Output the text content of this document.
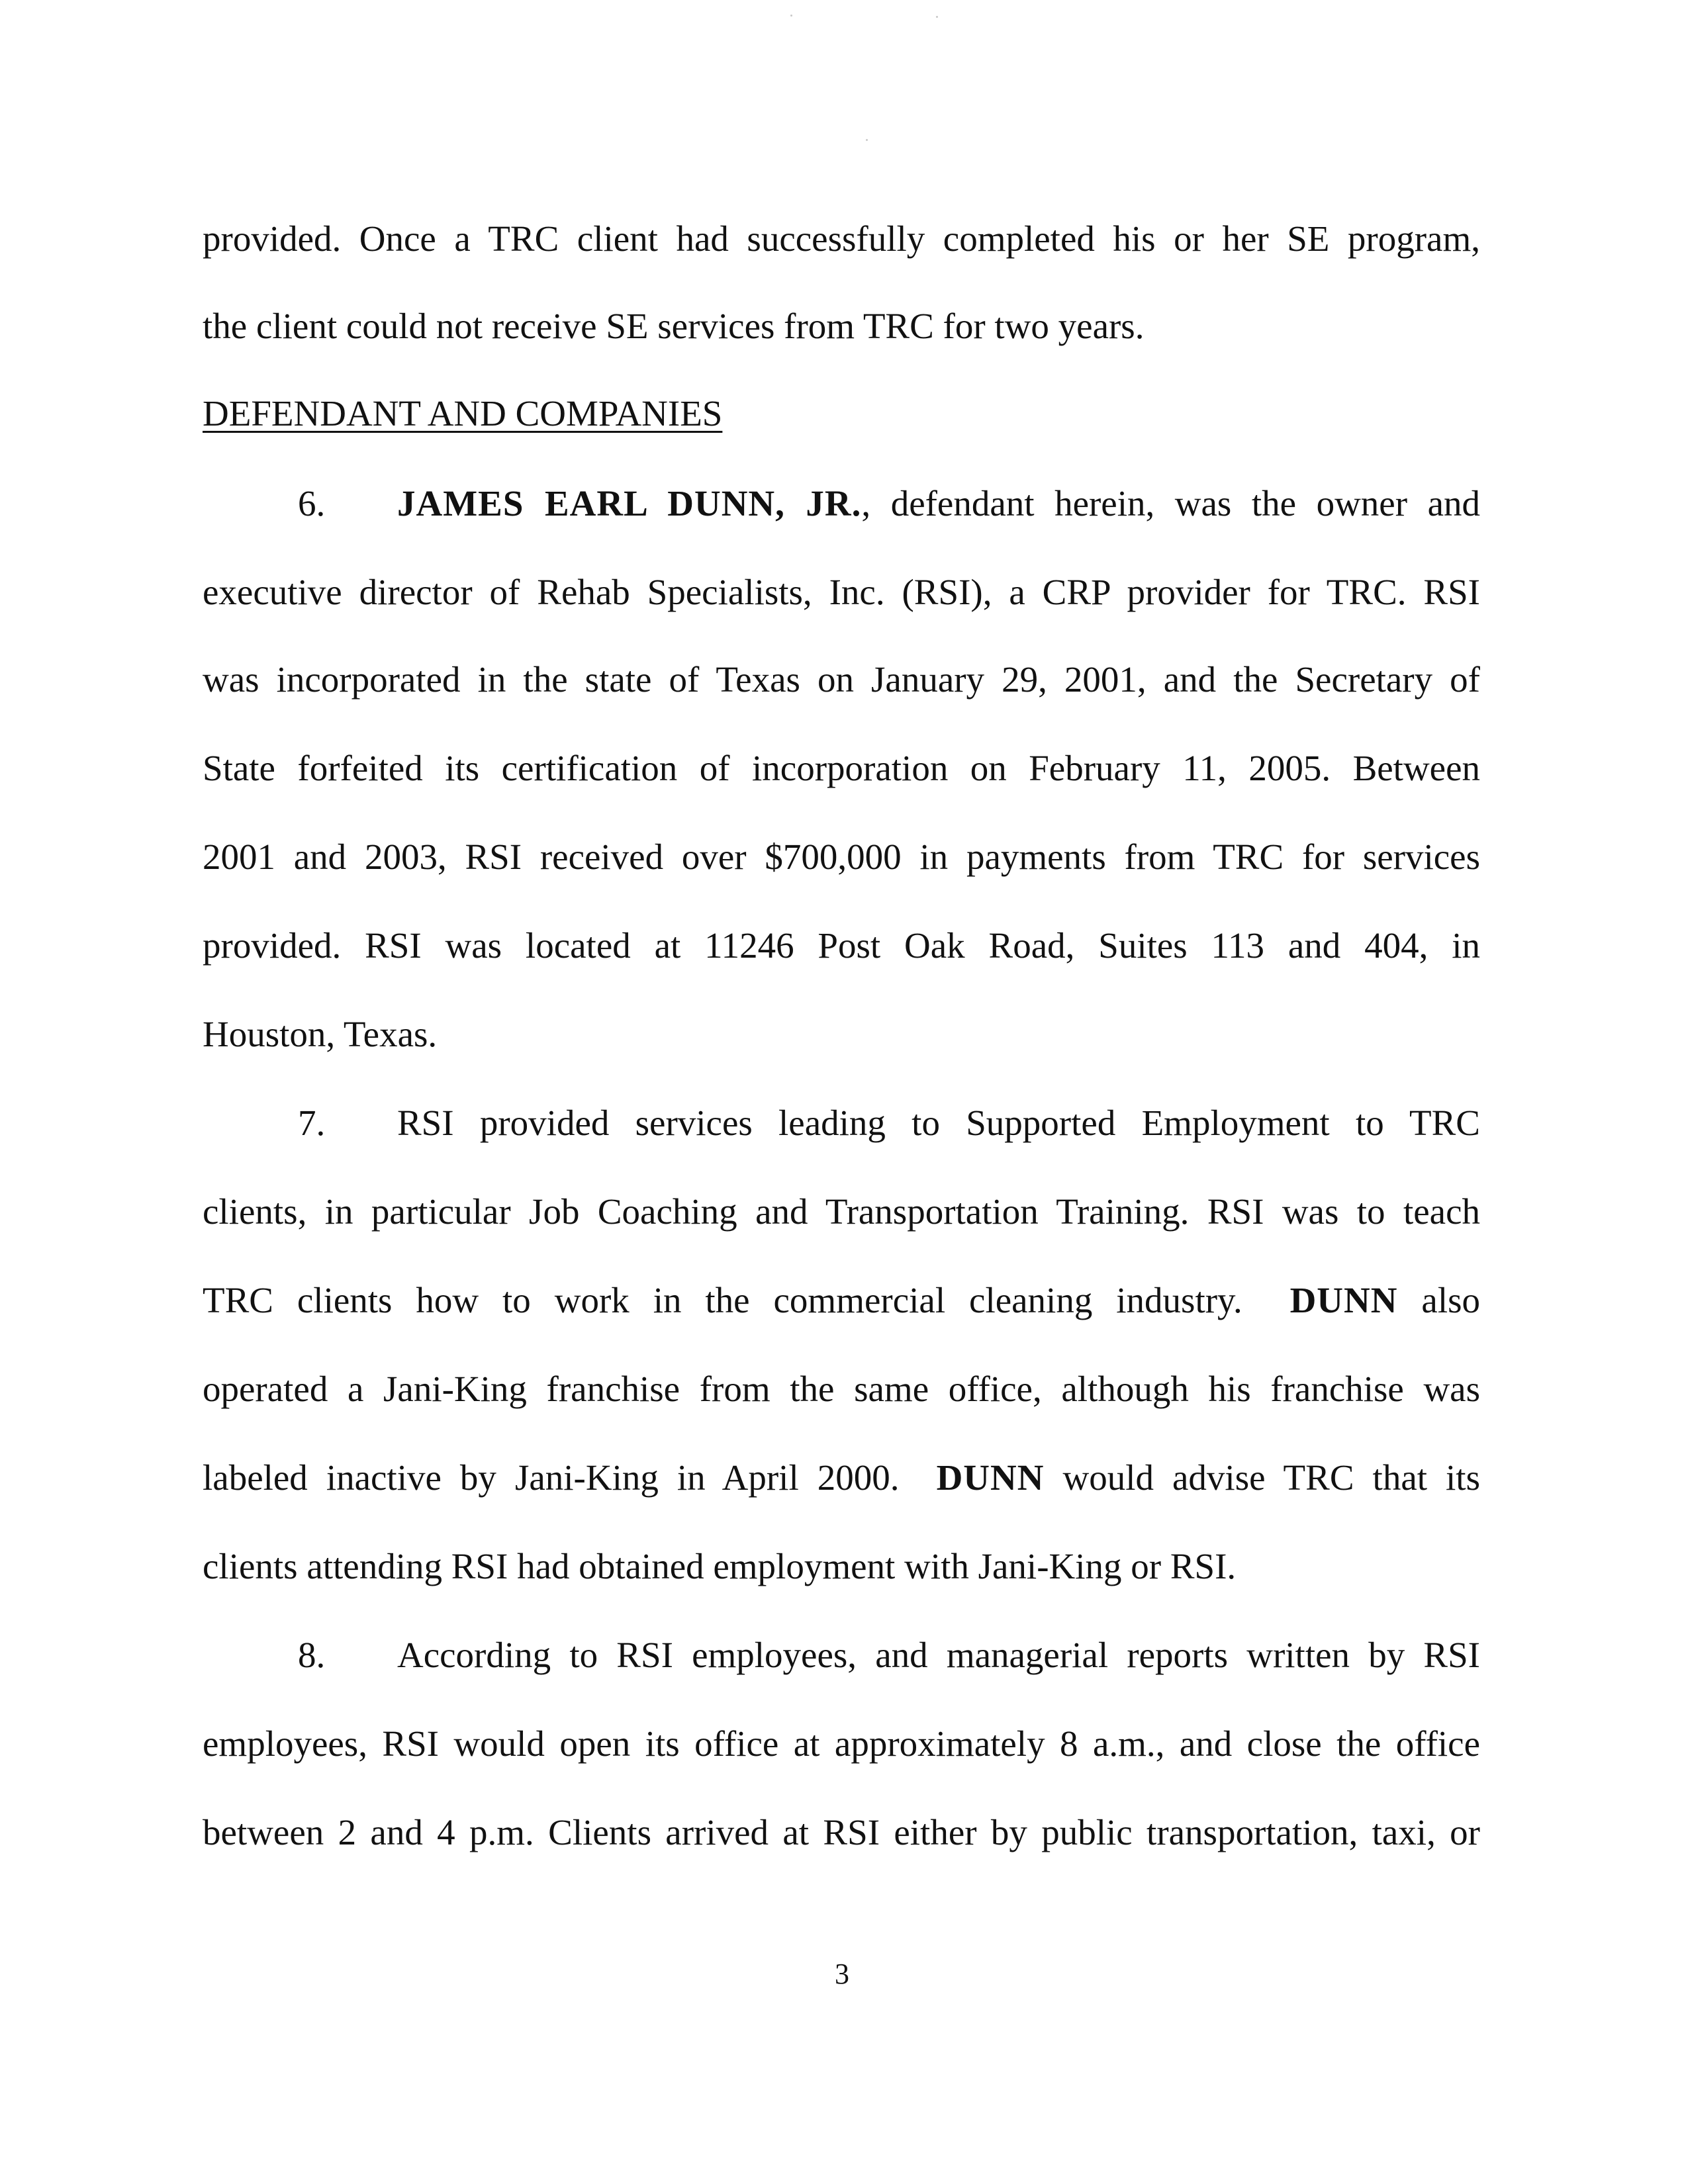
provided. Once a TRC client had successfully completed his or her SE program,
the client could not receive SE services from TRC for two years.
DEFENDANT AND COMPANIES
6. JAMES EARL DUNN, JR., defendant herein, was the owner and
executive director of Rehab Specialists, Inc. (RSI), a CRP provider for TRC. RSI
was incorporated in the state of Texas on January 29, 2001, and the Secretary of
State forfeited its certification of incorporation on February 11, 2005. Between
2001 and 2003, RSI received over $700,000 in payments from TRC for services
provided. RSI was located at 11246 Post Oak Road, Suites 113 and 404, in
Houston, Texas.
7. RSI provided services leading to Supported Employment to TRC
clients, in particular Job Coaching and Transportation Training. RSI was to teach
TRC clients how to work in the commercial cleaning industry. DUNN also
operated a Jani-King franchise from the same office, although his franchise was
labeled inactive by Jani-King in April 2000. DUNN would advise TRC that its
clients attending RSI had obtained employment with Jani-King or RSI.
8. According to RSI employees, and managerial reports written by RSI
employees, RSI would open its office at approximately 8 a.m., and close the office
between 2 and 4 p.m. Clients arrived at RSI either by public transportation, taxi, or
3
